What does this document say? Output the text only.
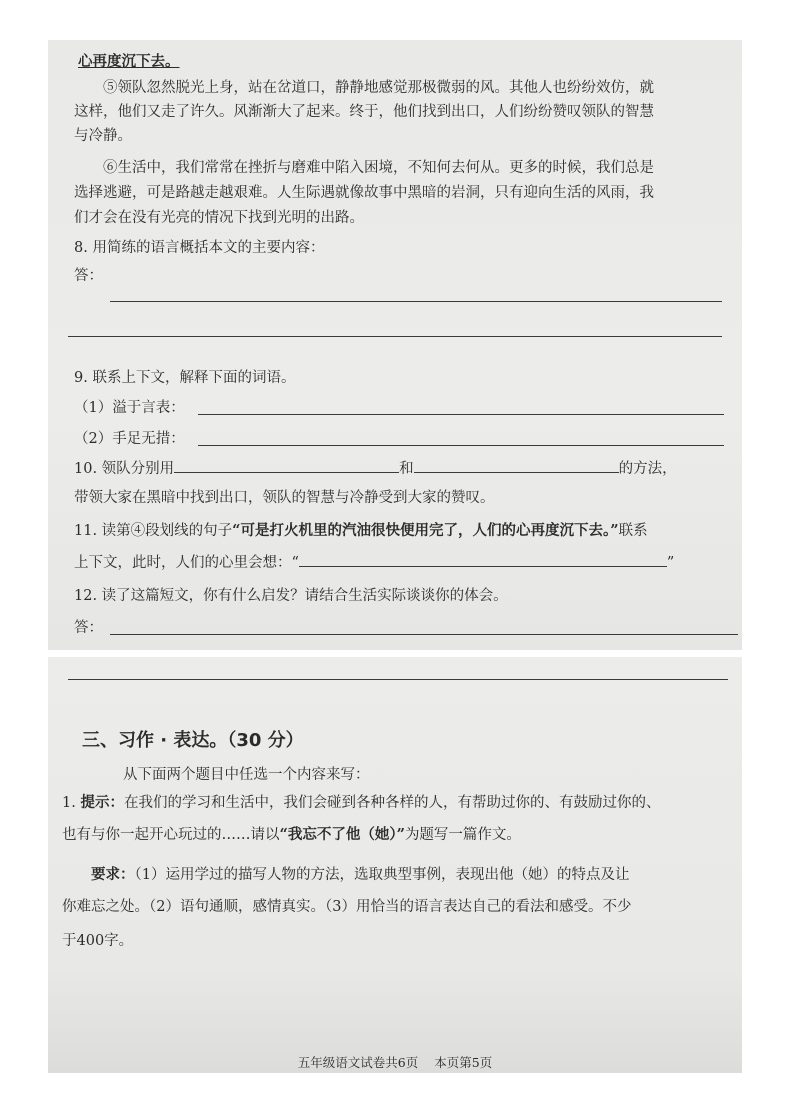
心再度沉下去。
⑤领队忽然脱光上身，站在岔道口，静静地感觉那极微弱的风。其他人也纷纷效仿，就
这样，他们又走了许久。风渐渐大了起来。终于，他们找到出口，人们纷纷赞叹领队的智慧
与冷静。
⑥生活中，我们常常在挫折与磨难中陷入困境，不知何去何从。更多的时候，我们总是
选择逃避，可是路越走越艰难。人生际遇就像故事中黑暗的岩洞，只有迎向生活的风雨，我
们才会在没有光亮的情况下找到光明的出路。
8. 用简练的语言概括本文的主要内容：
答：
9. 联系上下文，解释下面的词语。
（1）溢于言表：
（2）手足无措：
10. 领队分别用	和	的方法，
带领大家在黑暗中找到出口，领队的智慧与冷静受到大家的赞叹。
11. 读第④段划线的句子“可是打火机里的汽油很快便用完了，人们的心再度沉下去。”联系
上下文，此时，人们的心里会想：“	”
12. 读了这篇短文，你有什么启发？请结合生活实际谈谈你的体会。
答：
三、习作 · 表达。（30 分）
从下面两个题目中任选一个内容来写：
1. 提示：在我们的学习和生活中，我们会碰到各种各样的人，有帮助过你的、有鼓励过你的、
也有与你一起开心玩过的……请以“我忘不了他（她）”为题写一篇作文。
要求：（1）运用学过的描写人物的方法，选取典型事例，表现出他（她）的特点及让
你难忘之处。（2）语句通顺，感情真实。（3）用恰当的语言表达自己的看法和感受。不少
于400字。
五年级语文试卷共6页 本页第5页
